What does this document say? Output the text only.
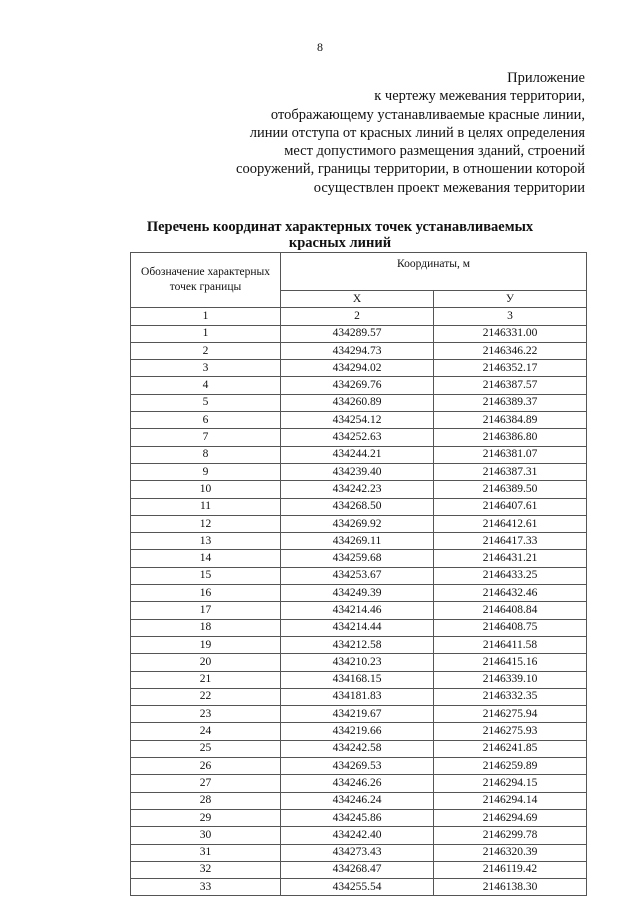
8
Приложение
к чертежу межевания территории,
отображающему устанавливаемые красные линии,
линии отступа от красных линий в целях определения
мест допустимого размещения зданий, строений
сооружений, границы территории, в отношении которой
осуществлен проект межевания территории
Перечень координат характерных точек устанавливаемых
красных линий
Обозначение характерных точек границы	Координаты, м	
	Х	У
1	2	3
1	434289.57	2146331.00
2	434294.73	2146346.22
3	434294.02	2146352.17
4	434269.76	2146387.57
5	434260.89	2146389.37
6	434254.12	2146384.89
7	434252.63	2146386.80
8	434244.21	2146381.07
9	434239.40	2146387.31
10	434242.23	2146389.50
11	434268.50	2146407.61
12	434269.92	2146412.61
13	434269.11	2146417.33
14	434259.68	2146431.21
15	434253.67	2146433.25
16	434249.39	2146432.46
17	434214.46	2146408.84
18	434214.44	2146408.75
19	434212.58	2146411.58
20	434210.23	2146415.16
21	434168.15	2146339.10
22	434181.83	2146332.35
23	434219.67	2146275.94
24	434219.66	2146275.93
25	434242.58	2146241.85
26	434269.53	2146259.89
27	434246.26	2146294.15
28	434246.24	2146294.14
29	434245.86	2146294.69
30	434242.40	2146299.78
31	434273.43	2146320.39
32	434268.47	2146119.42
33	434255.54	2146138.30
